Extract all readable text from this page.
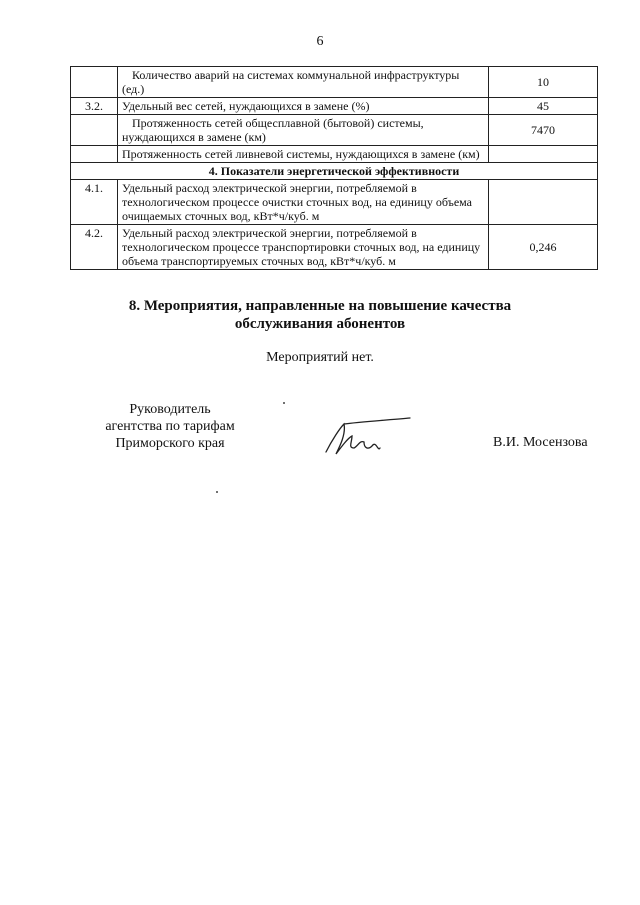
6
	Количество аварий на системах коммунальной инфраструктуры (ед.)	10
3.2.	Удельный вес сетей, нуждающихся в замене (%)	45
	Протяженность сетей общесплавной (бытовой) системы, нуждающихся в замене (км)	7470
	Протяженность сетей ливневой системы, нуждающихся в замене (км)	
4. Показатели энергетической эффективности		
4.1.	Удельный расход электрической энергии, потребляемой в технологическом процессе очистки сточных вод, на единицу объема очищаемых сточных вод, кВт*ч/куб. м	
4.2.	Удельный расход электрической энергии, потребляемой в технологическом процессе транспортировки сточных вод, на единицу объема транспортируемых сточных вод, кВт*ч/куб. м	0,246
8. Мероприятия, направленные на повышение качества
обслуживания абонентов
Мероприятий нет.
Руководитель
агентства по тарифам
Приморского края	В.И. Мосензова
